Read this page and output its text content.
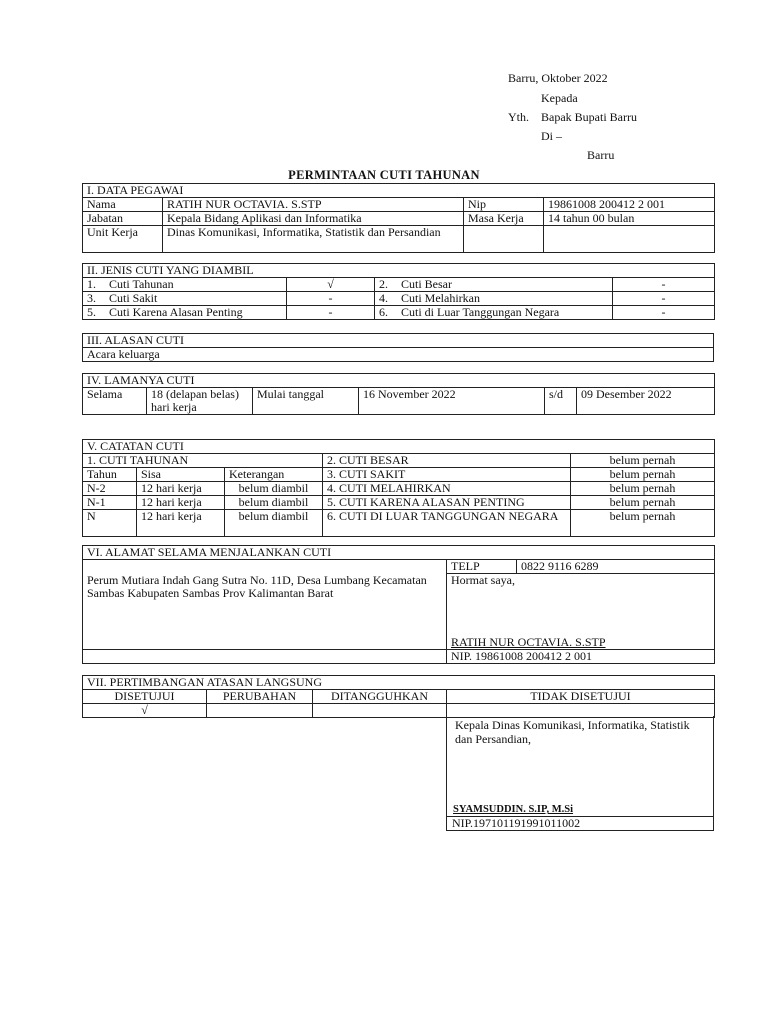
Barru, Oktober 2022
Kepada
Yth. Bapak Bupati Barru
Di –
Barru
PERMINTAAN CUTI TAHUNAN
I. DATA PEGAWAI			
Nama	RATIH NUR OCTAVIA. S.STP	Nip	19861008 200412 2 001
Jabatan	Kepala Bidang Aplikasi dan Informatika	Masa Kerja	14 tahun 00 bulan
Unit Kerja	Dinas Komunikasi, Informatika, Statistik dan Persandian		
II. JENIS CUTI YANG DIAMBIL			
1. Cuti Tahunan	√	2. Cuti Besar	-
3. Cuti Sakit	-	4. Cuti Melahirkan	-
5. Cuti Karena Alasan Penting	-	6. Cuti di Luar Tanggungan Negara	-
III. ALASAN CUTI
Acara keluarga
IV. LAMANYA CUTI
Selama	18 (delapan belas) hari kerja	Mulai tanggal	16 November 2022	s/d	09 Desember 2022
V. CATATAN CUTI				
1. CUTI TAHUNAN			2. CUTI BESAR	belum pernah
Tahun	Sisa	Keterangan	3. CUTI SAKIT	belum pernah
N-2	12 hari kerja	belum diambil	4. CUTI MELAHIRKAN	belum pernah
N-1	12 hari kerja	belum diambil	5. CUTI KARENA ALASAN PENTING	belum pernah
N	12 hari kerja	belum diambil	6. CUTI DI LUAR TANGGUNGAN NEGARA	belum pernah
VI. ALAMAT SELAMA MENJALANKAN CUTI		
	TELP	0822 9116 6289
Perum Mutiara Indah Gang Sutra No. 11D, Desa Lumbang Kecamatan Sambas Kabupaten Sambas Prov Kalimantan Barat	Hormat saya,
RATIH NUR OCTAVIA. S.STP	

	NIP. 19861008 200412 2 001	
VII. PERTIMBANGAN ATASAN LANGSUNG			
DISETUJUI	PERUBAHAN	DITANGGUHKAN	TIDAK DISETUJUI
√			
Kepala Dinas Komunikasi, Informatika, Statistik dan Persandian,
SYAMSUDDIN. S.IP, M.Si
NIP.197101191991011002
